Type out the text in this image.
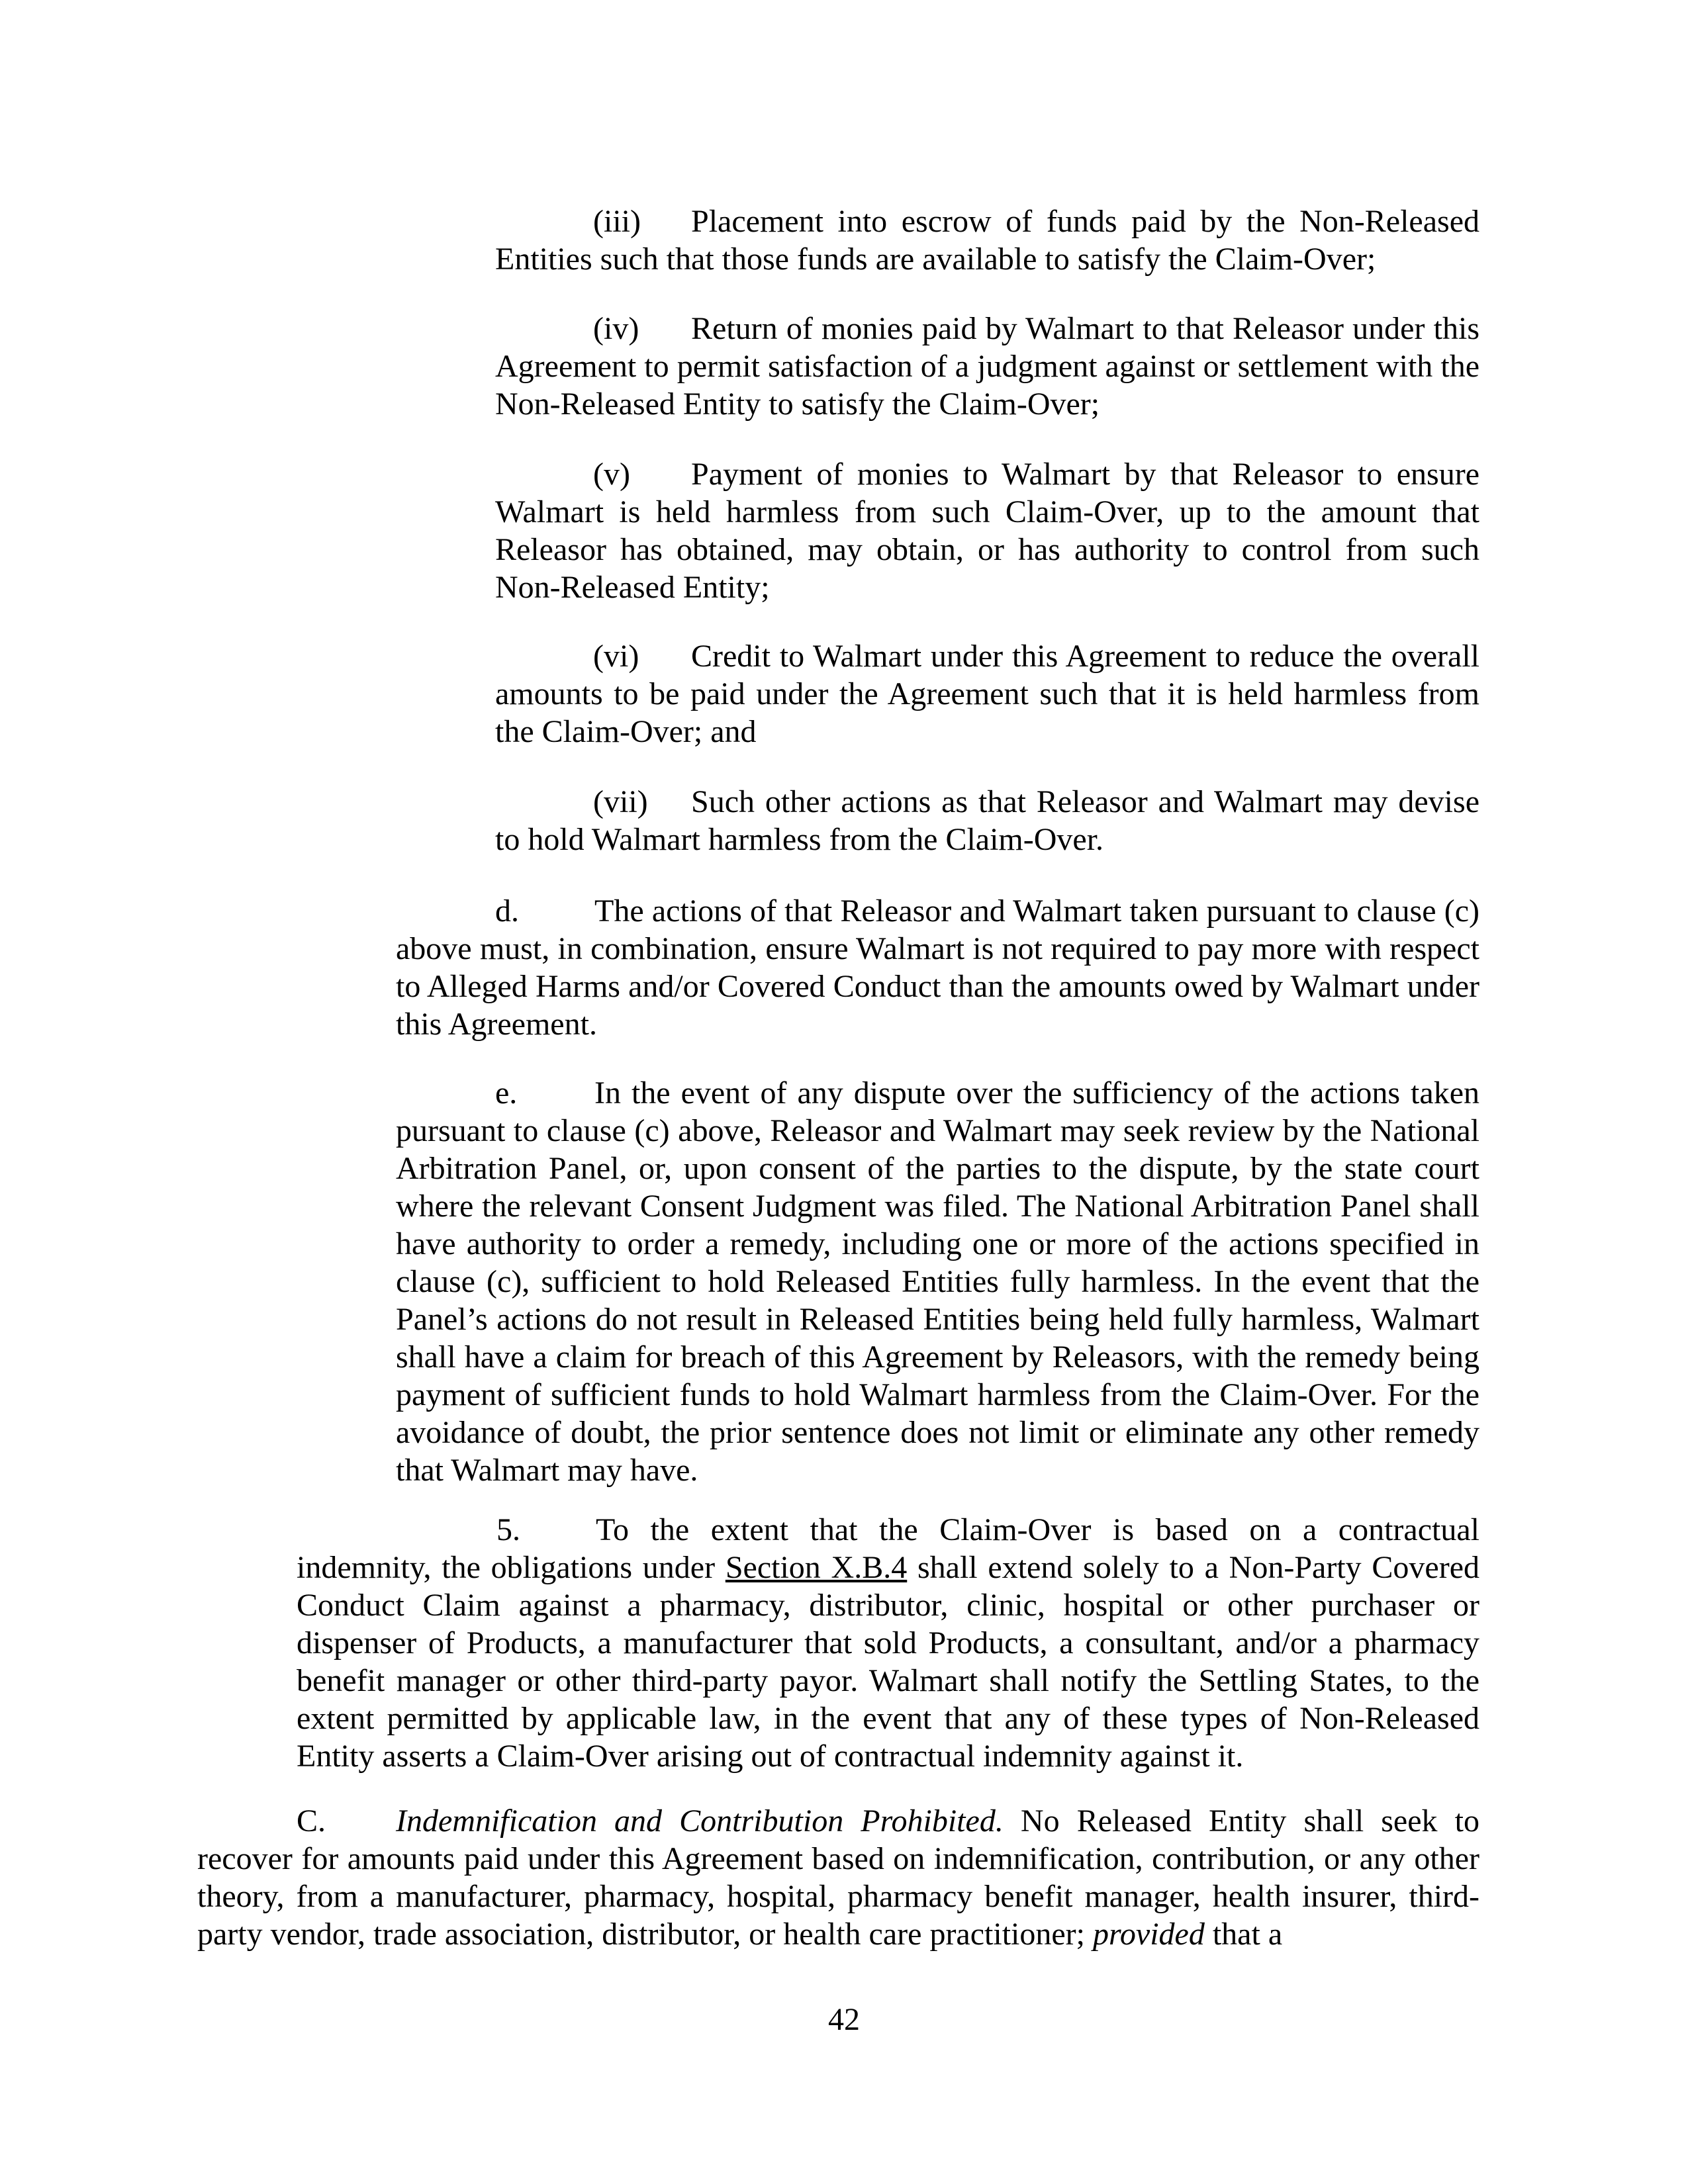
(iii) Placement into escrow of funds paid by the Non-Released Entities such that those funds are available to satisfy the Claim-Over;

(iv) Return of monies paid by Walmart to that Releasor under this Agreement to permit satisfaction of a judgment against or settlement with the Non-Released Entity to satisfy the Claim-Over;

(v) Payment of monies to Walmart by that Releasor to ensure Walmart is held harmless from such Claim-Over, up to the amount that Releasor has obtained, may obtain, or has authority to control from such Non-Released Entity;

(vi) Credit to Walmart under this Agreement to reduce the overall amounts to be paid under the Agreement such that it is held harmless from the Claim-Over; and

(vii) Such other actions as that Releasor and Walmart may devise to hold Walmart harmless from the Claim-Over.

d. The actions of that Releasor and Walmart taken pursuant to clause (c) above must, in combination, ensure Walmart is not required to pay more with respect to Alleged Harms and/or Covered Conduct than the amounts owed by Walmart under this Agreement.

e. In the event of any dispute over the sufficiency of the actions taken pursuant to clause (c) above, Releasor and Walmart may seek review by the National Arbitration Panel, or, upon consent of the parties to the dispute, by the state court where the relevant Consent Judgment was filed. The National Arbitration Panel shall have authority to order a remedy, including one or more of the actions specified in clause (c), sufficient to hold Released Entities fully harmless. In the event that the Panel’s actions do not result in Released Entities being held fully harmless, Walmart shall have a claim for breach of this Agreement by Releasors, with the remedy being payment of sufficient funds to hold Walmart harmless from the Claim-Over. For the avoidance of doubt, the prior sentence does not limit or eliminate any other remedy that Walmart may have.

5. To the extent that the Claim-Over is based on a contractual indemnity, the obligations under Section X.B.4 shall extend solely to a Non-Party Covered Conduct Claim against a pharmacy, distributor, clinic, hospital or other purchaser or dispenser of Products, a manufacturer that sold Products, a consultant, and/or a pharmacy benefit manager or other third-party payor. Walmart shall notify the Settling States, to the extent permitted by applicable law, in the event that any of these types of Non-Released Entity asserts a Claim-Over arising out of contractual indemnity against it.

C. Indemnification and Contribution Prohibited. No Released Entity shall seek to recover for amounts paid under this Agreement based on indemnification, contribution, or any other theory, from a manufacturer, pharmacy, hospital, pharmacy benefit manager, health insurer, third-party vendor, trade association, distributor, or health care practitioner; provided that a

42
